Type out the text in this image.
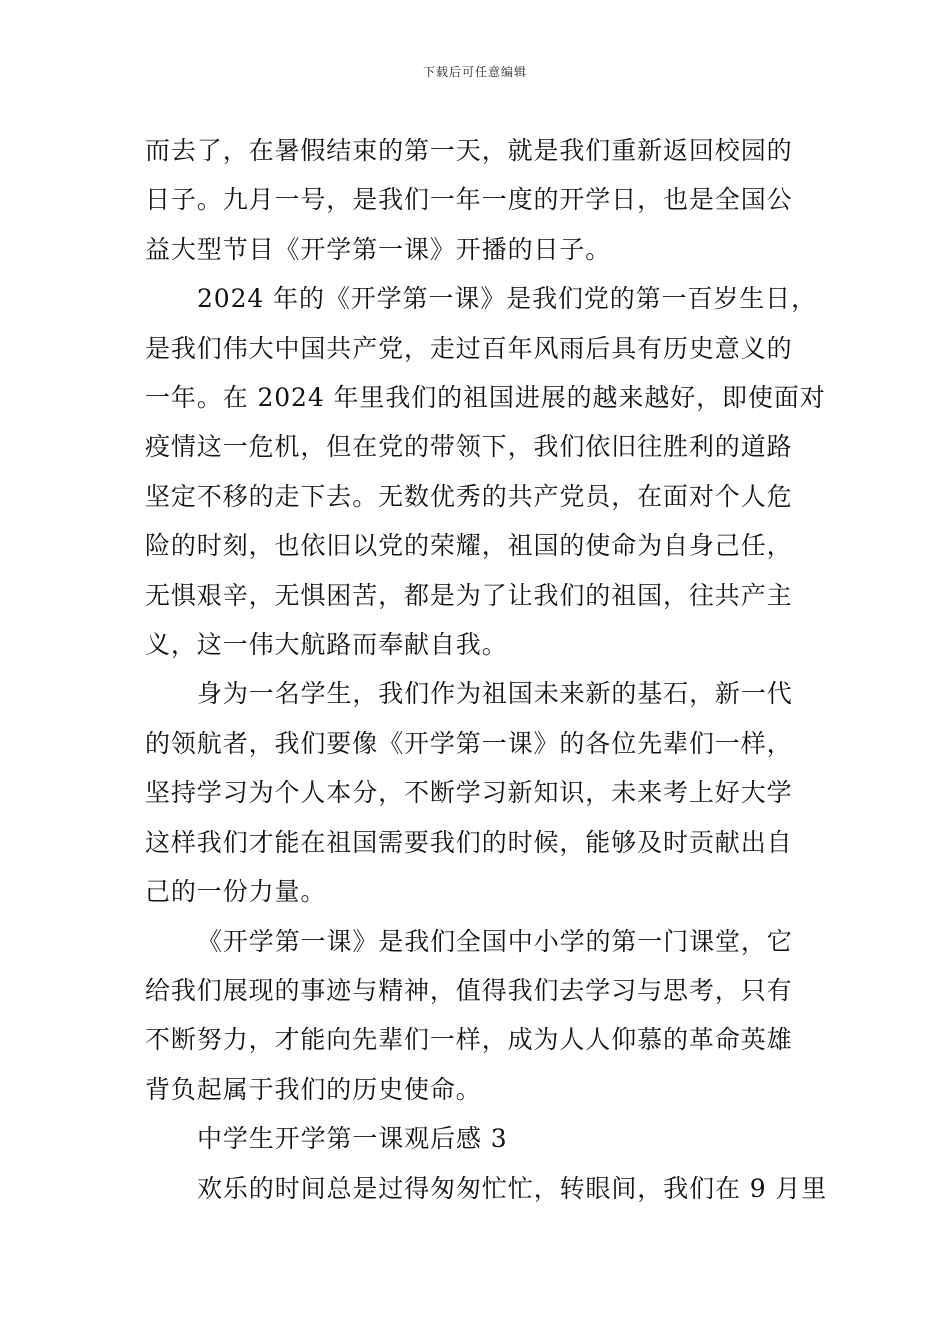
下载后可任意编辑

而去了，在暑假结束的第一天，就是我们重新返回校园的

日子。九月一号，是我们一年一度的开学日，也是全国公

益大型节目《开学第一课》开播的日子。

2024 年的《开学第一课》是我们党的第一百岁生日，

是我们伟大中国共产党，走过百年风雨后具有历史意义的

一年。在 2024 年里我们的祖国进展的越来越好，即使面对

疫情这一危机，但在党的带领下，我们依旧往胜利的道路

坚定不移的走下去。无数优秀的共产党员，在面对个人危

险的时刻，也依旧以党的荣耀，祖国的使命为自身己任，

无惧艰辛，无惧困苦，都是为了让我们的祖国，往共产主

义，这一伟大航路而奉献自我。

身为一名学生，我们作为祖国未来新的基石，新一代

的领航者，我们要像《开学第一课》的各位先辈们一样，

坚持学习为个人本分，不断学习新知识，未来考上好大学

这样我们才能在祖国需要我们的时候，能够及时贡献出自

己的一份力量。

《开学第一课》是我们全国中小学的第一门课堂，它

给我们展现的事迹与精神，值得我们去学习与思考，只有

不断努力，才能向先辈们一样，成为人人仰慕的革命英雄

背负起属于我们的历史使命。

中学生开学第一课观后感 3

欢乐的时间总是过得匆匆忙忙，转眼间，我们在 9 月里
